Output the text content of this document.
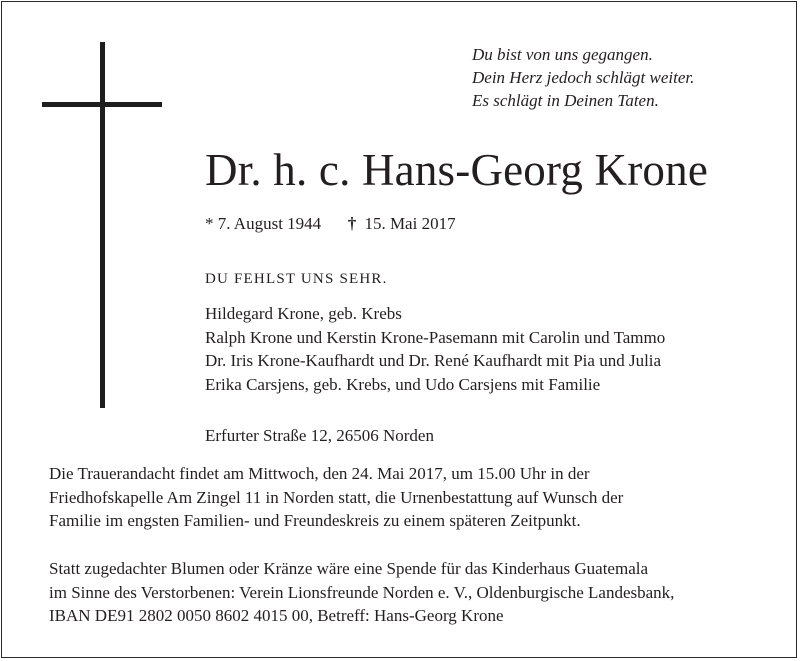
Du bist von uns gegangen.
Dein Herz jedoch schlägt weiter.
Es schlägt in Deinen Taten.
Dr. h. c. Hans-Georg Krone
* 7. August 1944 † 15. Mai 2017
DU FEHLST UNS SEHR.
Hildegard Krone, geb. Krebs
Ralph Krone und Kerstin Krone-Pasemann mit Carolin und Tammo
Dr. Iris Krone-Kaufhardt und Dr. René Kaufhardt mit Pia und Julia
Erika Carsjens, geb. Krebs, und Udo Carsjens mit Familie
Erfurter Straße 12, 26506 Norden
Die Trauerandacht findet am Mittwoch, den 24. Mai 2017, um 15.00 Uhr in der
Friedhofskapelle Am Zingel 11 in Norden statt, die Urnenbestattung auf Wunsch der
Familie im engsten Familien- und Freundeskreis zu einem späteren Zeitpunkt.
Statt zugedachter Blumen oder Kränze wäre eine Spende für das Kinderhaus Guatemala
im Sinne des Verstorbenen: Verein Lionsfreunde Norden e. V., Oldenburgische Landesbank,
IBAN DE91 2802 0050 8602 4015 00, Betreff: Hans-Georg Krone
